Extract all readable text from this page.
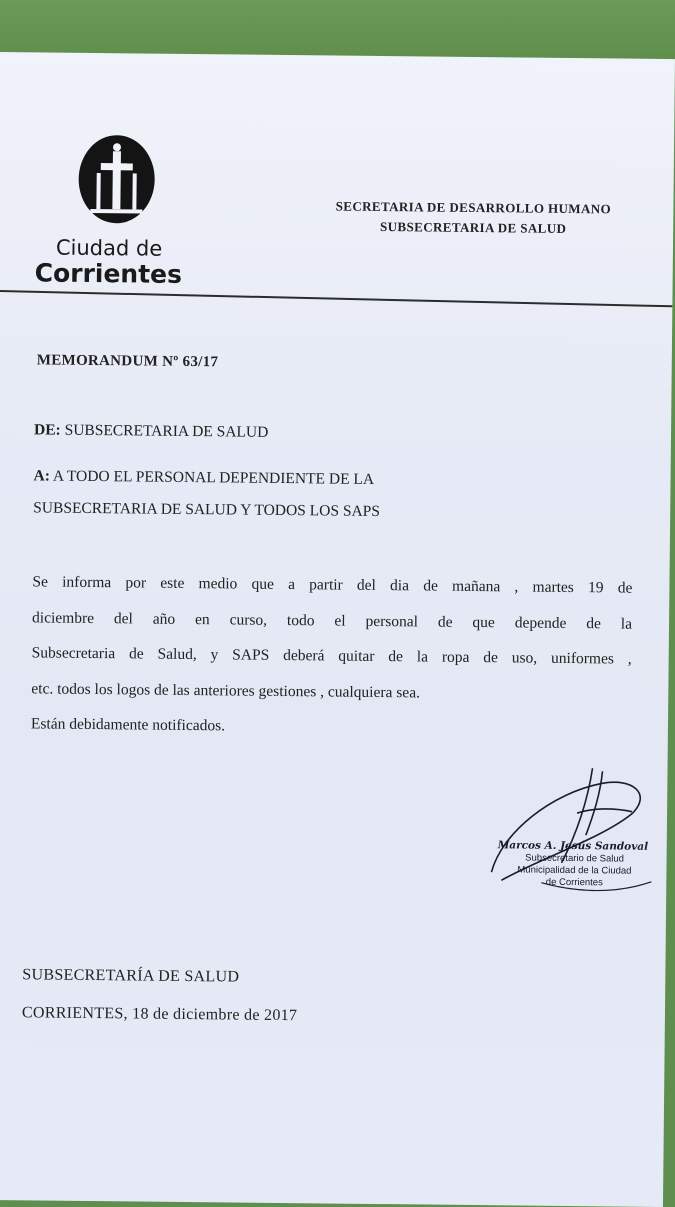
Ciudad de
Corrientes
SECRETARIA DE DESARROLLO HUMANO
SUBSECRETARIA DE SALUD
MEMORANDUM Nº 63/17
DE: SUBSECRETARIA DE SALUD
A: A TODO EL PERSONAL DEPENDIENTE DE LA
SUBSECRETARIA DE SALUD Y TODOS LOS SAPS
Se informa por este medio que a partir del dia de mañana , martes 19 de
diciembre del año en curso, todo el personal de que depende de la
Subsecretaria de Salud, y SAPS deberá quitar de la ropa de uso, uniformes ,
etc. todos los logos de las anteriores gestiones , cualquiera sea.
Están debidamente notificados.
Marcos A. Jesús Sandoval
Subsecretario de Salud
Municipalidad de la Ciudad
de Corrientes
SUBSECRETARÍA DE SALUD
CORRIENTES, 18 de diciembre de 2017
